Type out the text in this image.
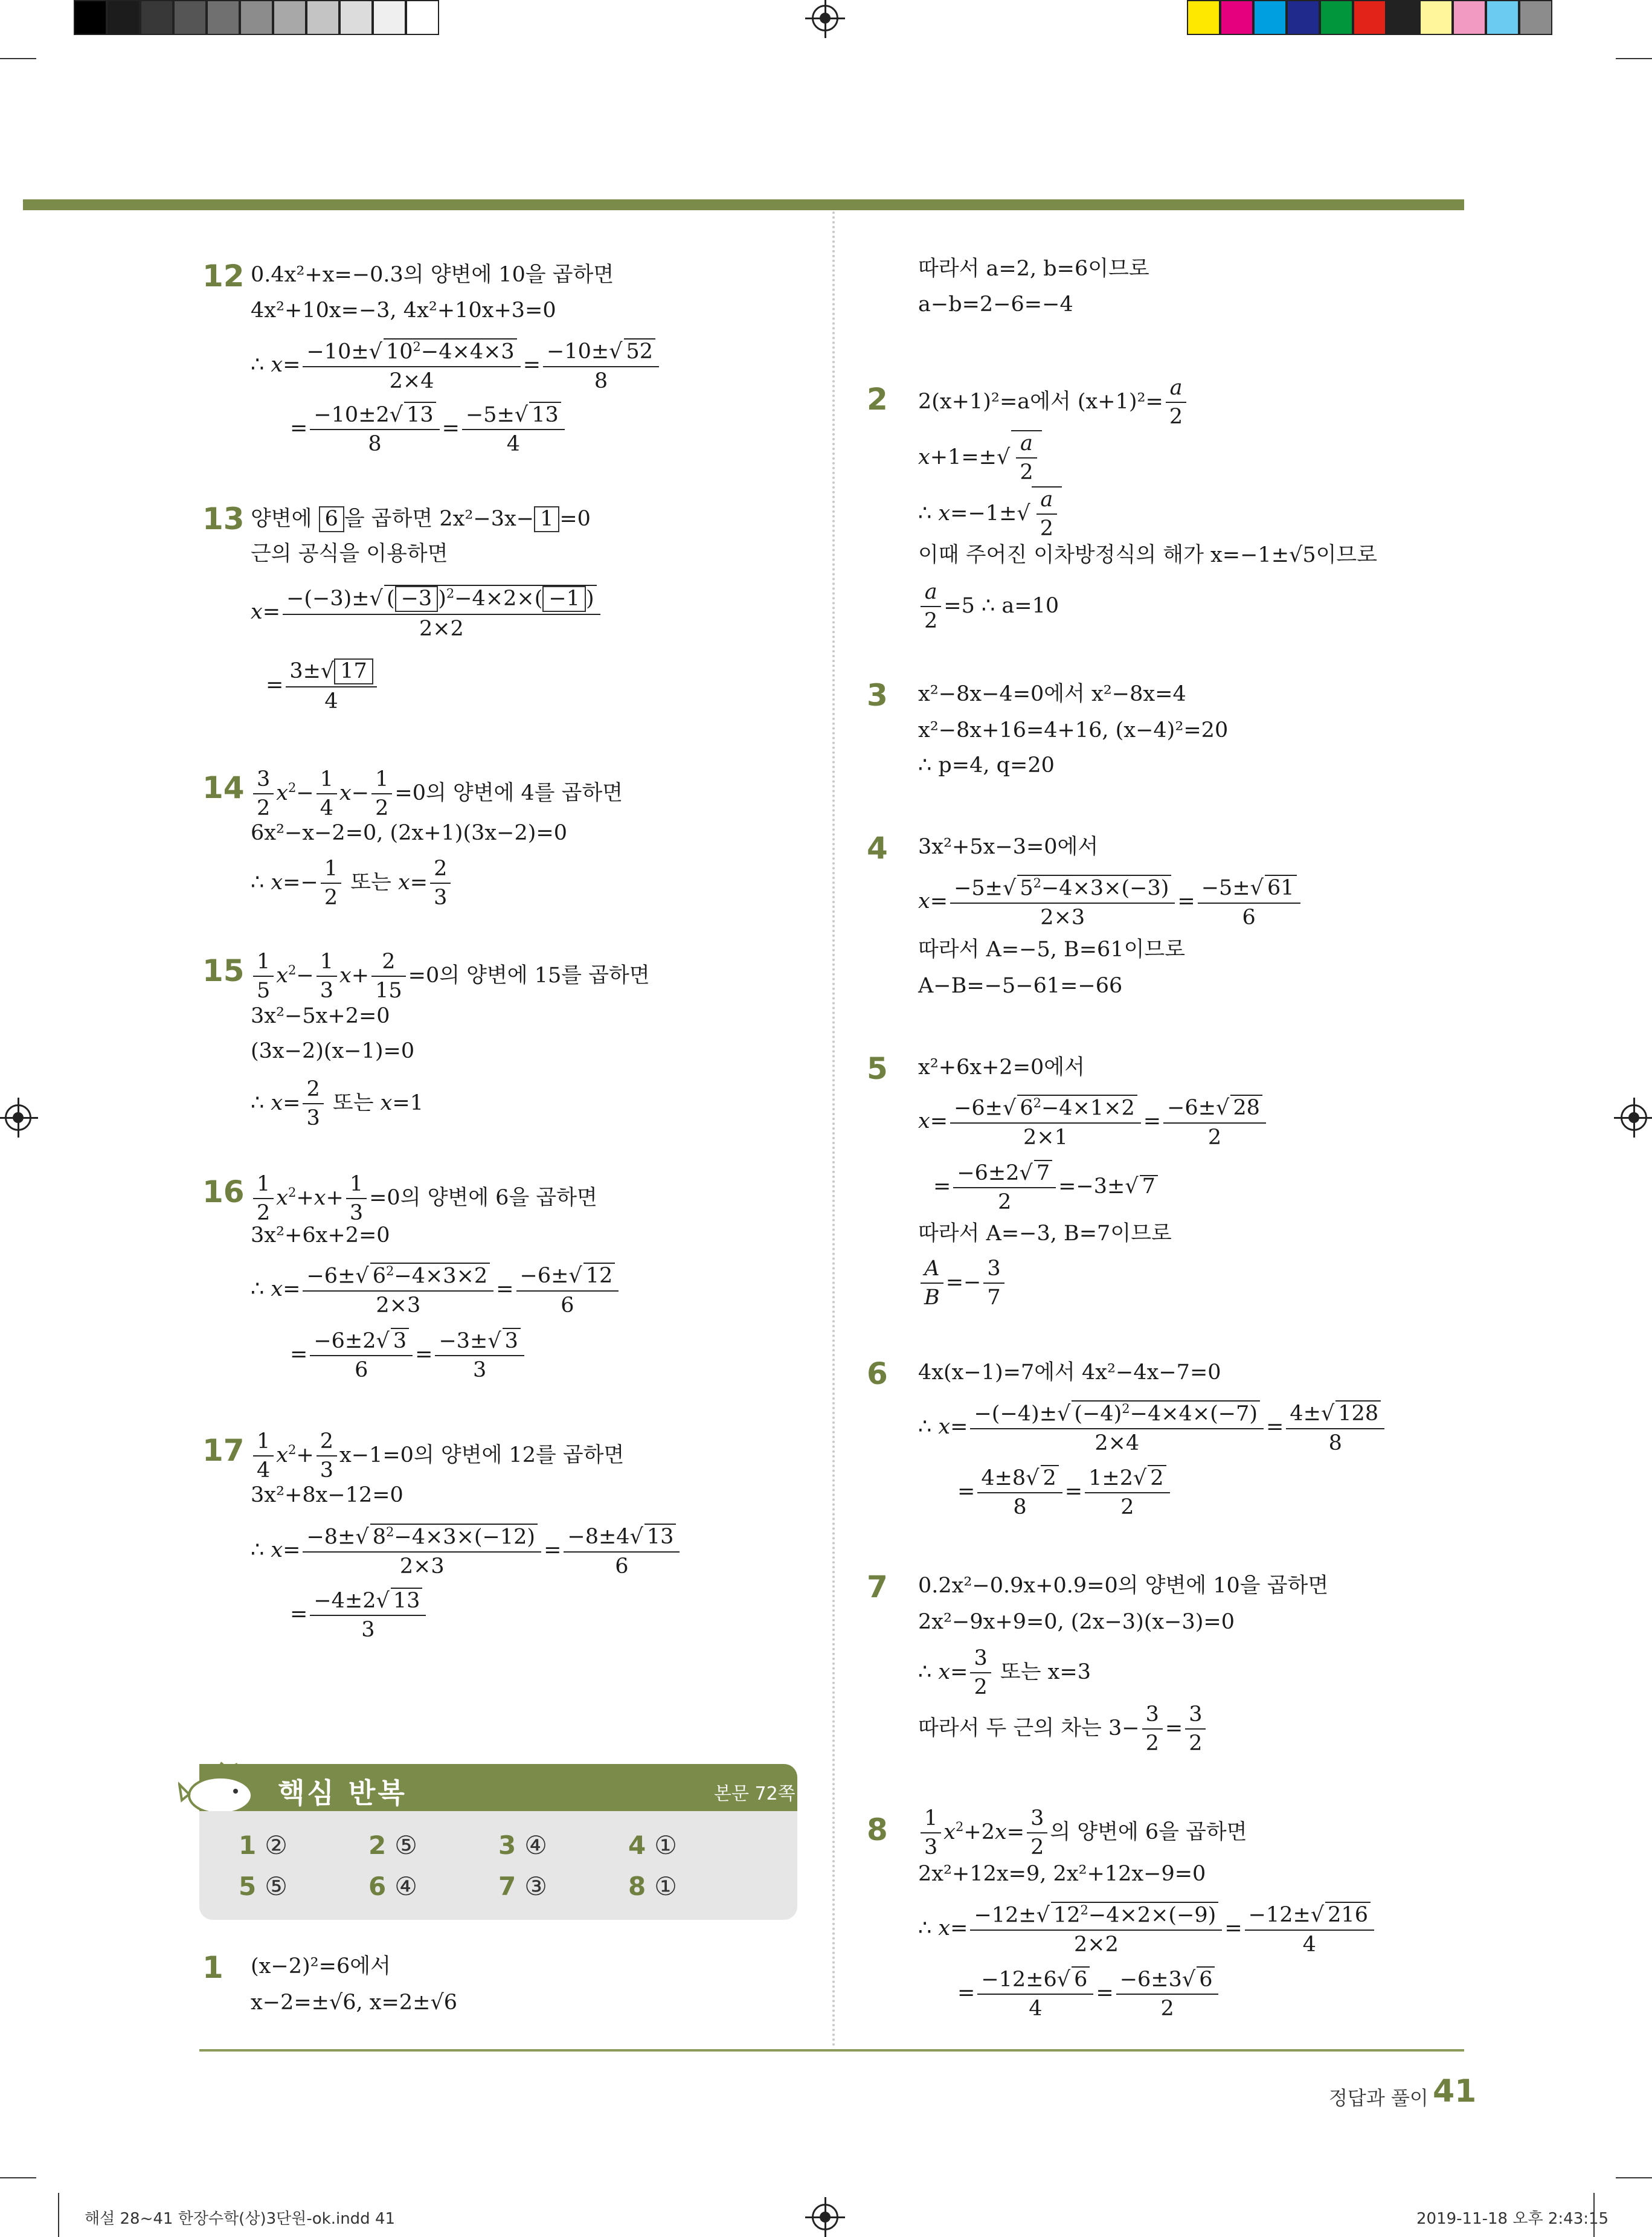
12 0.4x²+x=−0.3의 양변에 10을 곱하면
4x²+10x=−3, 4x²+10x+3=0
∴ $x= \frac{-10\pm√ 10^2-4\times 4\times 3}{2\times 4} = \frac{-10\pm√ 52}{8}$
= $\frac{-10\pm 2√ 13}{8} = \frac{-5\pm√ 13}{4}$
13 양변에 6 을 곱하면 2x²−3x− 1 =0
근의 공식을 이용하면
$x= \frac{-(-3)\pm√ ( -3 )^2-4\times 2\times( -1 )}{2\times 2}$
= $\frac{3\pm√ 17}{4}$
$14 \frac{3}{2} x^2- \frac{1}{4} x- \frac{1}{2} =0$의 양변에 4를 곱하면
6x²−x−2=0, (2x+1)(3x−2)=0
∴ $x=- \frac{1}{2}$ 또는 $x= \frac{2}{3}$
$15 \frac{1}{5} x^2- \frac{1}{3} x+ \frac{2}{15} =0$의 양변에 15를 곱하면
3x²−5x+2=0
(3x−2)(x−1)=0
∴ $x= \frac{2}{3}$ 또는 x=1
$16 \frac{1}{2} x^2+x+ \frac{1}{3} =0$의 양변에 6을 곱하면
3x²+6x+2=0
∴ $x= \frac{-6\pm√ 6^2-4\times 3\times 2}{2\times 3} = \frac{-6\pm√ 12}{6}$
= $\frac{-6\pm 2√ 3}{6} = \frac{-3\pm√ 3}{3}$
$17 \frac{1}{4} x^2+ \frac{2}{3} x-1=0$의 양변에 12를 곱하면
3x²+8x−12=0
∴ $x= \frac{-8\pm√ 8^2-4\times 3\times(-12)}{2\times 3} = \frac{-8\pm 4√ 13}{6}$
= $\frac{-4\pm 2√ 13}{3}$
핵심 반복	본문 72쪽
1 ②	2 ⑤	3 ④	4 ①
5 ⑤	6 ④	7 ③	8 ①
1 (x−2)²=6에서
x−2=±√6, x=2±√6
따라서 a=2, b=6이므로
a−b=2−6=−4
2 2(x+1)²=a에서 $(x+1)^2= \frac{a}{2}$
$x+1=\pm√ \frac{a}{2}$
∴ $x=-1\pm√ \frac{a}{2}$
이때 주어진 이차방정식의 해가 x=−1±√5이므로
$\frac{a}{2} =5$ ∴ a=10
3 x²−8x−4=0에서 x²−8x=4
x²−8x+16=4+16, (x−4)²=20
∴ p=4, q=20
4 3x²+5x−3=0에서
$x= \frac{-5\pm√ 5^2-4\times 3\times(-3)}{2\times 3} = \frac{-5\pm√ 61}{6}$
따라서 A=−5, B=61이므로
A−B=−5−61=−66
5 x²+6x+2=0에서
$x= \frac{-6\pm√ 6^2-4\times 1\times 2}{2\times 1} = \frac{-6\pm√ 28}{2}$
= $\frac{-6\pm 2√ 7}{2} =-3\pm√$ 7
따라서 A=−3, B=7이므로
$\frac{A}{B} =- \frac{3}{7}$
6 4x(x−1)=7에서 4x²−4x−7=0
∴ $x= \frac{-(-4)\pm√ (-4)^2-4\times 4\times(-7)}{2\times 4} = \frac{4\pm√ 128}{8}$
= $\frac{4\pm 8√ 2}{8} = \frac{1\pm 2√ 2}{2}$
7 0.2x²−0.9x+0.9=0의 양변에 10을 곱하면
2x²−9x+9=0, (2x−3)(x−3)=0
∴ $x= \frac{3}{2}$ 또는 x=3
따라서 두 근의 차는 $3- \frac{3}{2} = \frac{3}{2}$
$8 \frac{1}{3} x^2+2x= \frac{3}{2}$ 의 양변에 6을 곱하면
2x²+12x=9, 2x²+12x−9=0
∴ $x= \frac{-12\pm√ 12^2-4\times 2\times(-9)}{2\times 2} = \frac{-12\pm√ 216}{4}$
= $\frac{-12\pm 6√ 6}{4} = \frac{-6\pm 3√ 6}{2}$
정답과 풀이 41
해설 28~41 한장수학(상)3단원-ok.indd 41	2019-11-18 오후 2:43:15
